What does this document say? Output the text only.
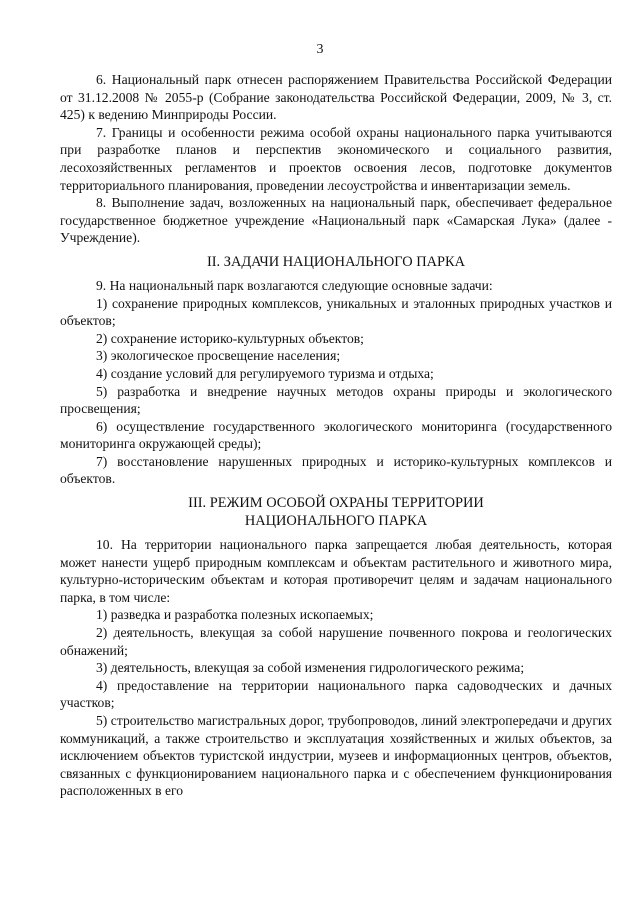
3

6. Национальный парк отнесен распоряжением Правительства Российской Федерации от 31.12.2008 № 2055-р (Собрание законодательства Российской Федерации, 2009, № 3, ст. 425) к ведению Минприроды России.

7. Границы и особенности режима особой охраны национального парка учитываются при разработке планов и перспектив экономического и социального развития, лесохозяйственных регламентов и проектов освоения лесов, подготовке документов территориального планирования, проведении лесоустройства и инвентаризации земель.

8. Выполнение задач, возложенных на национальный парк, обеспечивает федеральное государственное бюджетное учреждение «Национальный парк «Самарская Лука» (далее - Учреждение).

II. ЗАДАЧИ НАЦИОНАЛЬНОГО ПАРКА

9. На национальный парк возлагаются следующие основные задачи:

1) сохранение природных комплексов, уникальных и эталонных природных участков и объектов;

2) сохранение историко-культурных объектов;

3) экологическое просвещение населения;

4) создание условий для регулируемого туризма и отдыха;

5) разработка и внедрение научных методов охраны природы и экологического просвещения;

6) осуществление государственного экологического мониторинга (государственного мониторинга окружающей среды);

7) восстановление нарушенных природных и историко-культурных комплексов и объектов.

III. РЕЖИМ ОСОБОЙ ОХРАНЫ ТЕРРИТОРИИ
НАЦИОНАЛЬНОГО ПАРКА

10. На территории национального парка запрещается любая деятельность, которая может нанести ущерб природным комплексам и объектам растительного и животного мира, культурно-историческим объектам и которая противоречит целям и задачам национального парка, в том числе:

1) разведка и разработка полезных ископаемых;

2) деятельность, влекущая за собой нарушение почвенного покрова и геологических обнажений;

3) деятельность, влекущая за собой изменения гидрологического режима;

4) предоставление на территории национального парка садоводческих и дачных участков;

5) строительство магистральных дорог, трубопроводов, линий электропередачи и других коммуникаций, а также строительство и эксплуатация хозяйственных и жилых объектов, за исключением объектов туристской индустрии, музеев и информационных центров, объектов, связанных с функционированием национального парка и с обеспечением функционирования расположенных в его
